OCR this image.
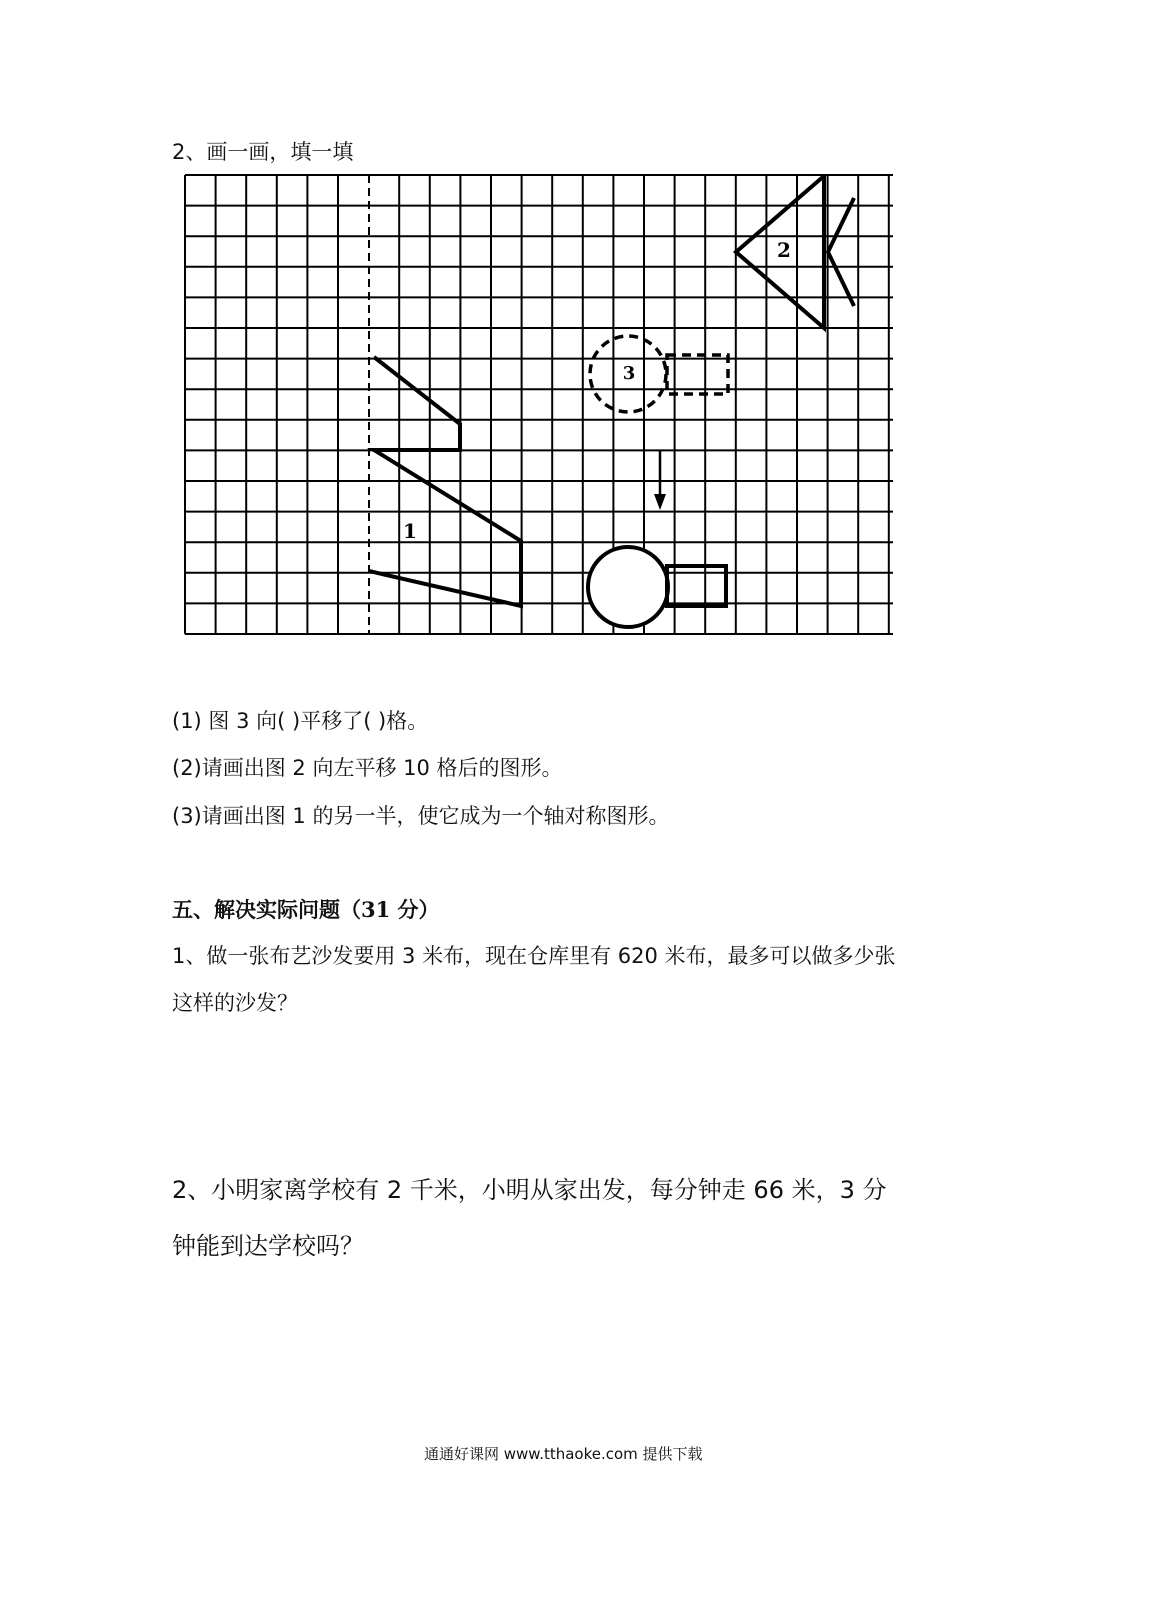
2、画一画，填一填
1
2
3
(1) 图 3 向( )平移了( )格。
(2)请画出图 2 向左平移 10 格后的图形。
(3)请画出图 1 的另一半，使它成为一个轴对称图形。
五、解决实际问题（31 分）
1、做一张布艺沙发要用 3 米布，现在仓库里有 620 米布，最多可以做多少张
这样的沙发？
2、小明家离学校有 2 千米，小明从家出发，每分钟走 66 米，3 分
钟能到达学校吗？
通通好课网 www.tthaoke.com 提供下载
